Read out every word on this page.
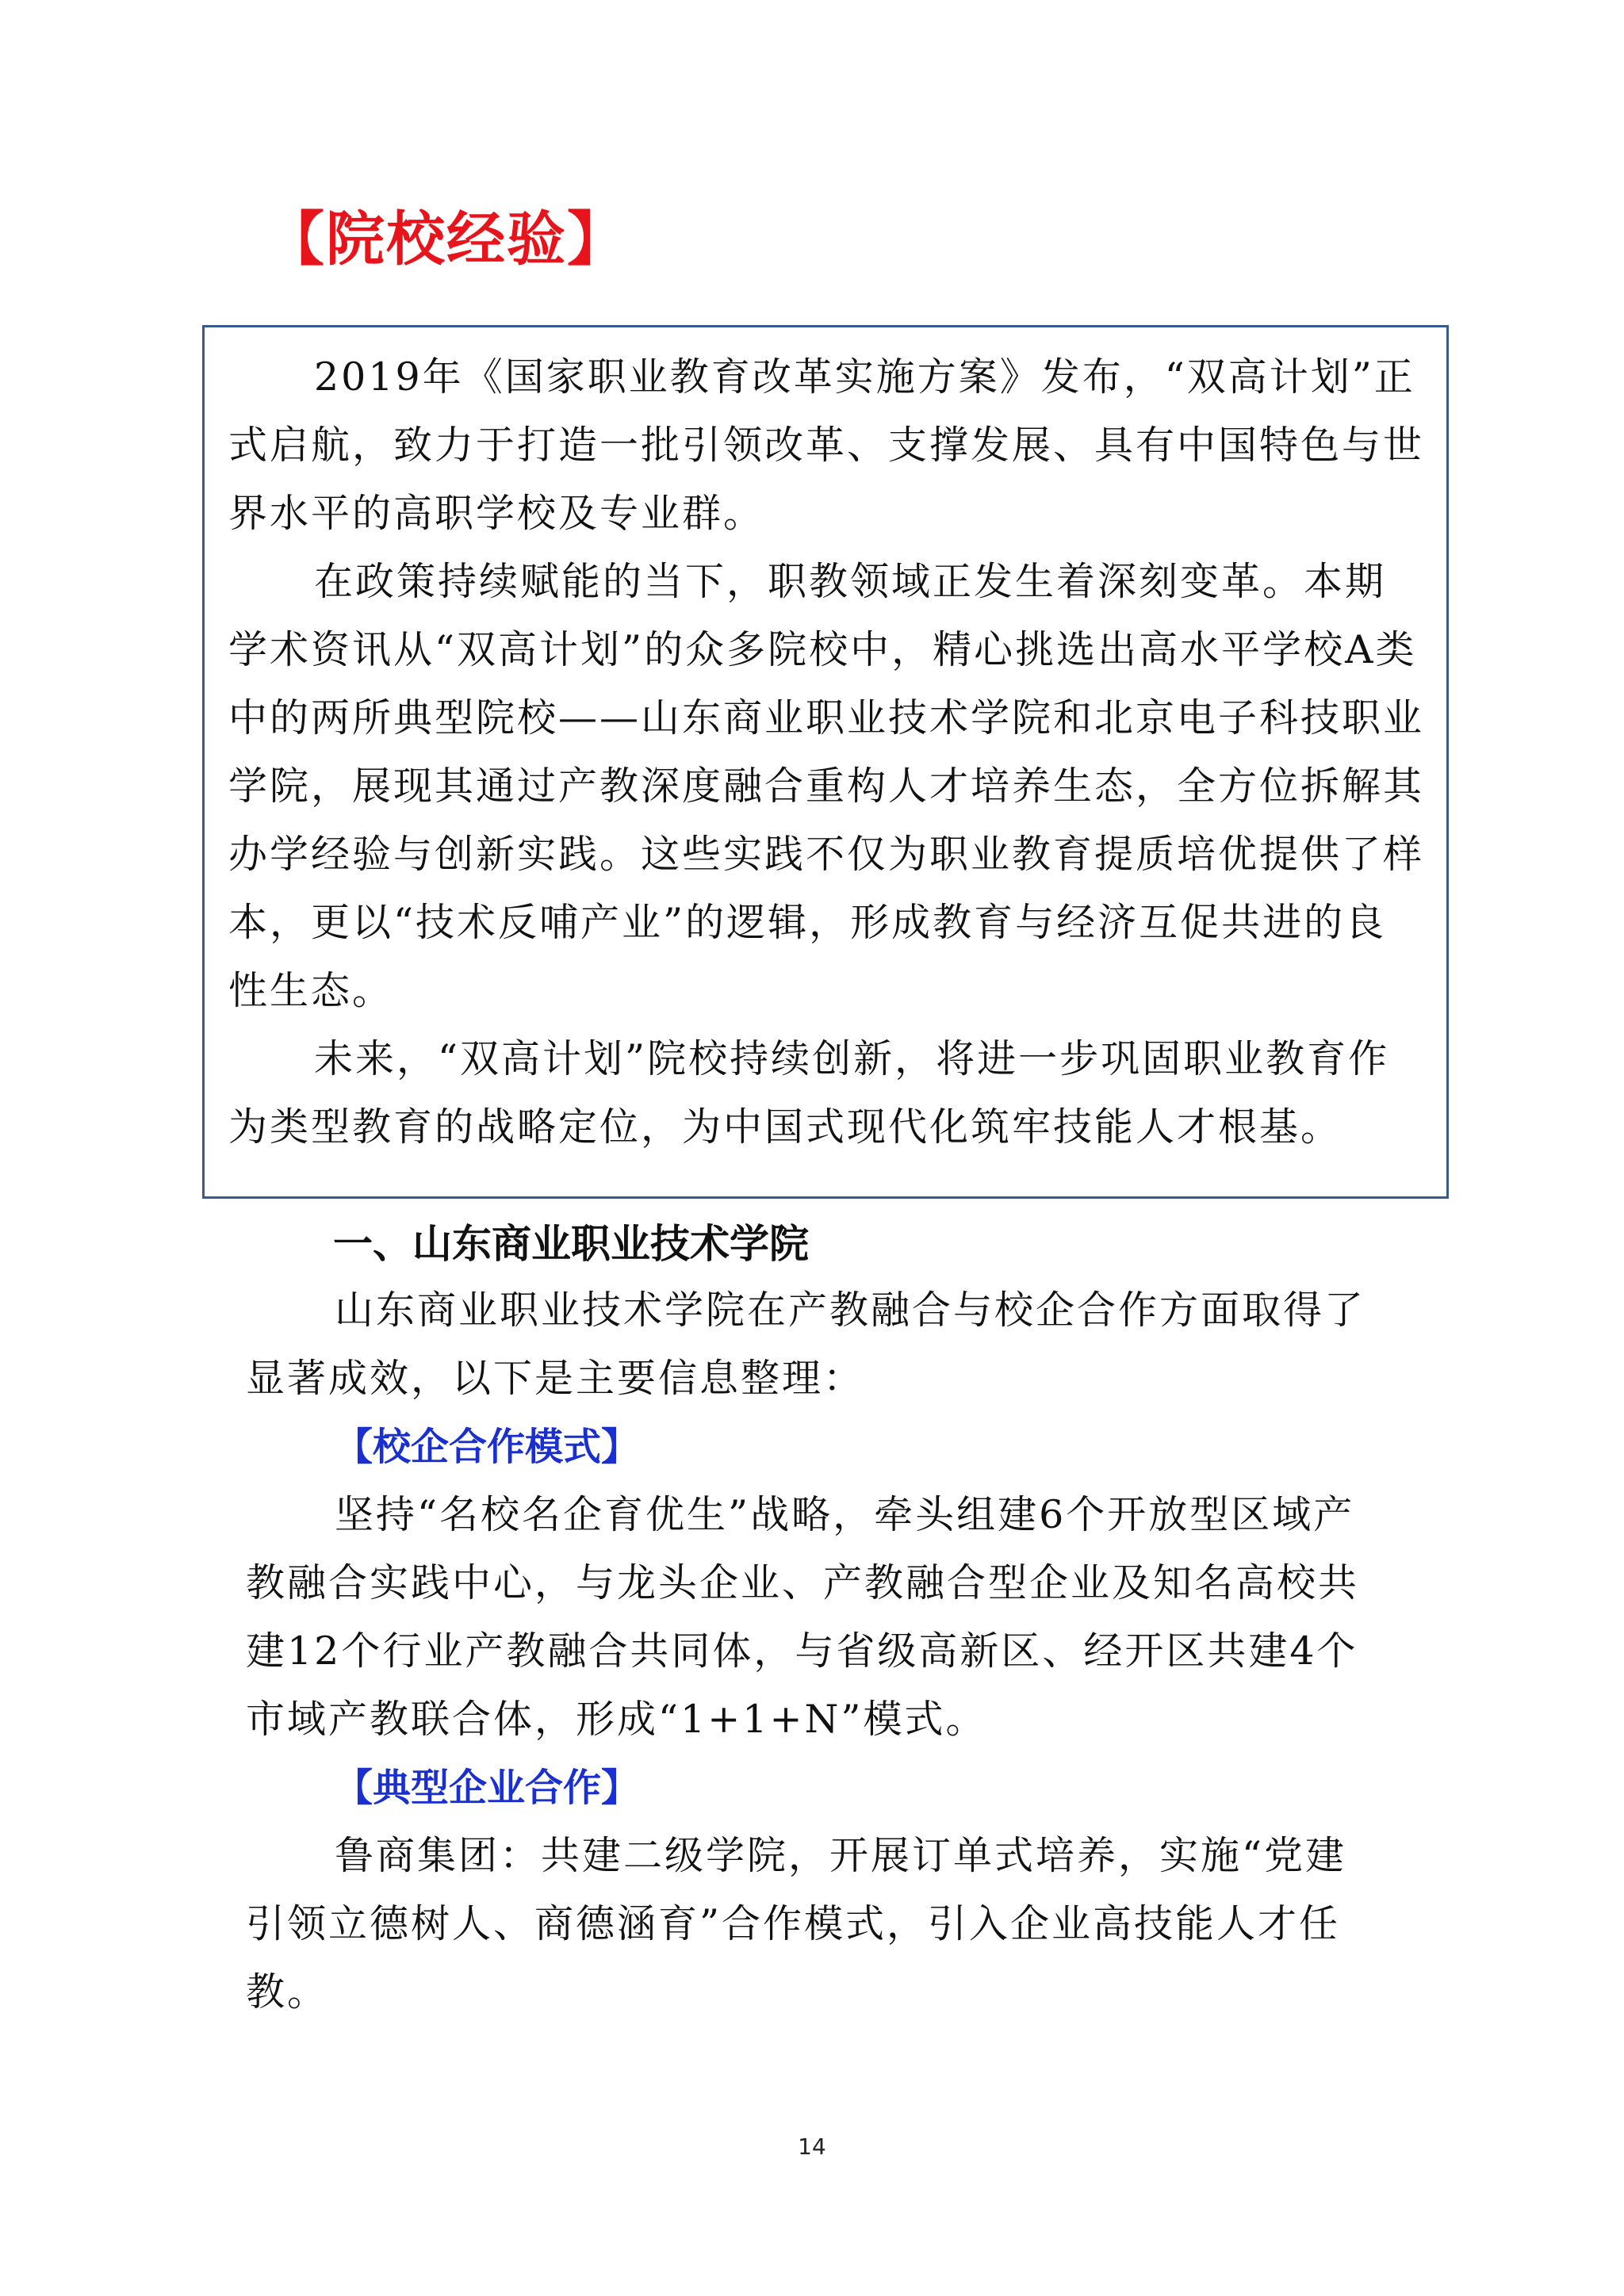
【院校经验】

2019年《国家职业教育改革实施方案》发布，“双高计划”正式启航，致力于打造一批引领改革、支撑发展、具有中国特色与世界水平的高职学校及专业群。

在政策持续赋能的当下，职教领域正发生着深刻变革。本期学术资讯从“双高计划”的众多院校中，精心挑选出高水平学校A类中的两所典型院校——山东商业职业技术学院和北京电子科技职业学院，展现其通过产教深度融合重构人才培养生态，全方位拆解其办学经验与创新实践。这些实践不仅为职业教育提质培优提供了样本，更以“技术反哺产业”的逻辑，形成教育与经济互促共进的良性生态。

未来，“双高计划”院校持续创新，将进一步巩固职业教育作为类型教育的战略定位，为中国式现代化筑牢技能人才根基。

一、山东商业职业技术学院

山东商业职业技术学院在产教融合与校企合作方面取得了显著成效，以下是主要信息整理：

【校企合作模式】

坚持“名校名企育优生”战略，牵头组建6个开放型区域产教融合实践中心，与龙头企业、产教融合型企业及知名高校共建12个行业产教融合共同体，与省级高新区、经开区共建4个市域产教联合体，形成“1+1+N”模式。

【典型企业合作】

鲁商集团：共建二级学院，开展订单式培养，实施“党建引领立德树人、商德涵育”合作模式，引入企业高技能人才任教。

14
